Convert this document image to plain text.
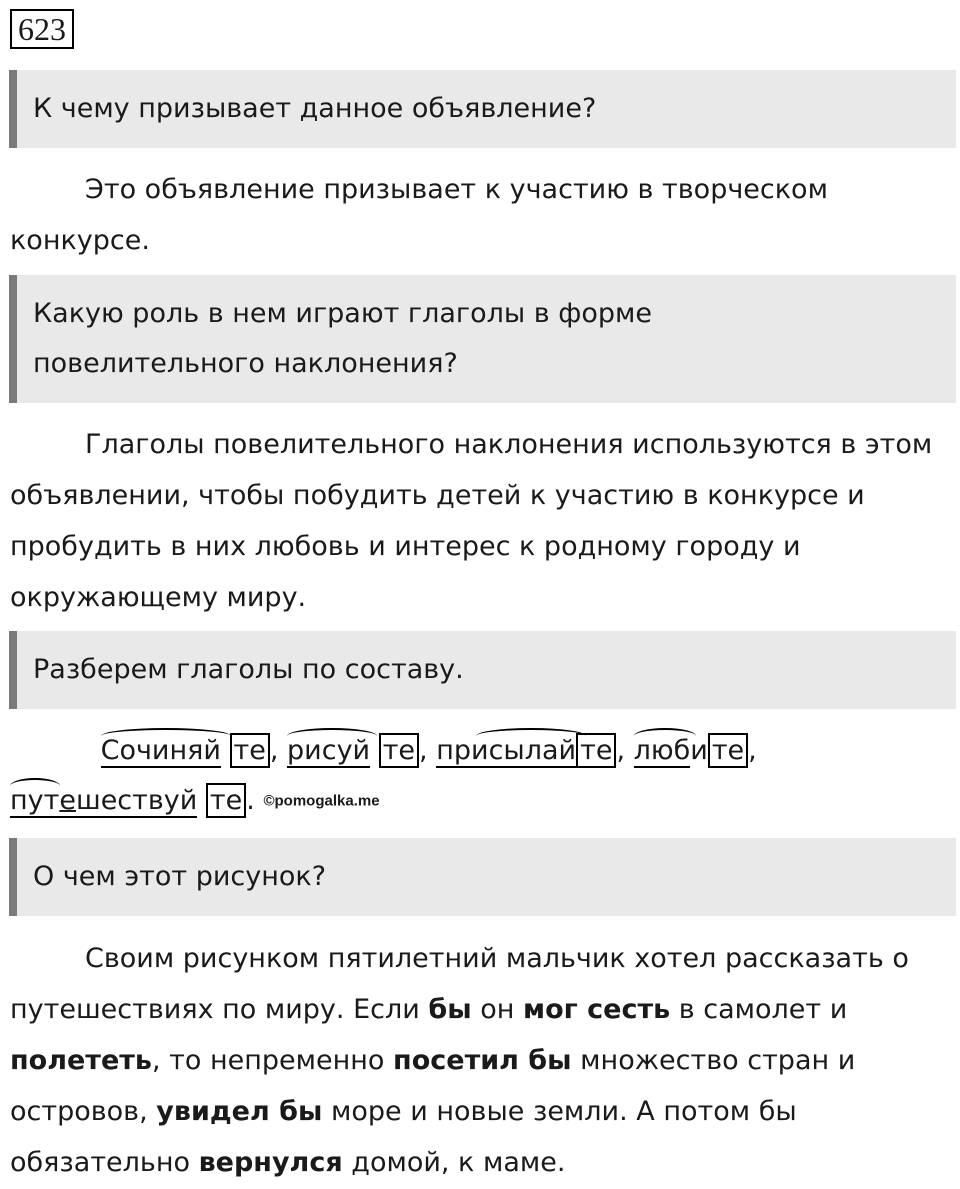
623
К чему призывает данное объявление?
Это объявление призывает к участию в творческом конкурсе.
Какую роль в нем играют глаголы в форме
повелительного наклонения?
Глаголы повелительного наклонения используются в этом объявлении, чтобы побудить детей к участию в конкурсе и пробудить в них любовь и интерес к родному городу и окружающему миру.
Разберем глаголы по составу.

Сочиняй те , рисуй те , присылай те , люби те ,

путешествуй те . ©pomogalka.me
О чем этот рисунок?
Своим рисунком пятилетний мальчик хотел рассказать о путешествиях по миру. Если бы он мог сесть в самолет и полететь, то непременно посетил бы множество стран и островов, увидел бы море и новые земли. А потом бы обязательно вернулся домой, к маме.
